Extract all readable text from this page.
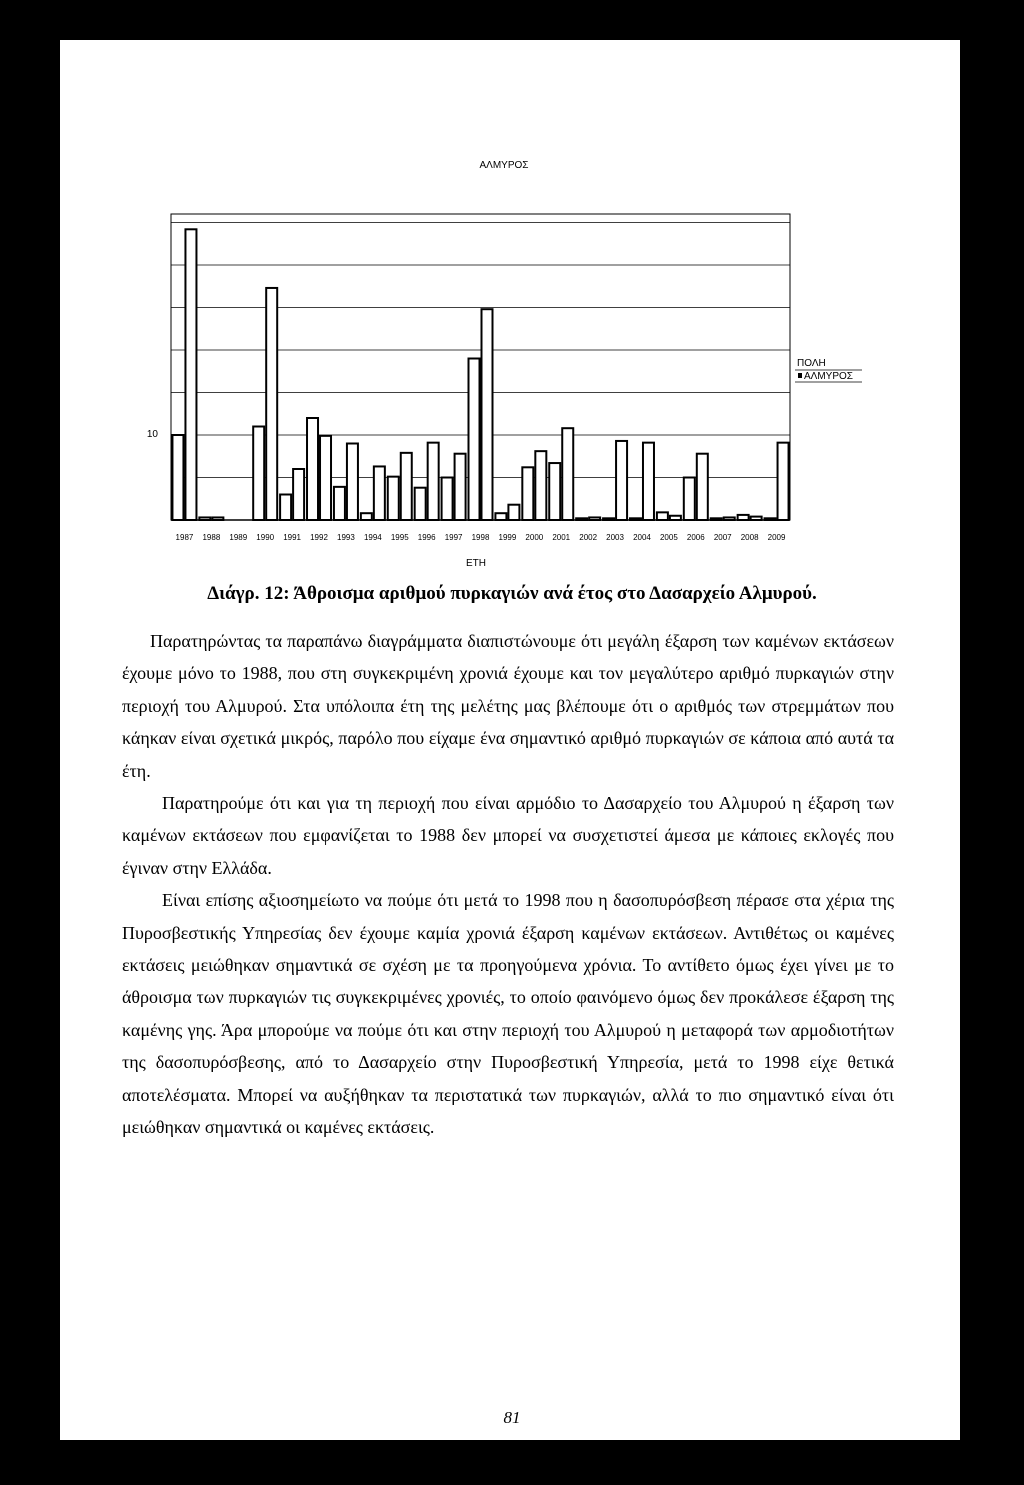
ΑΛΜΥΡΟΣ
10
1987 1988 1989 1990 1991 1992 1993 1994 1995 1996 1997 1998 1999 2000 2001 2002 2003 2004 2005 2006 2007 2008 2009
ΕΤΗ
ΠΟΛΗ
ΑΛΜΥΡΟΣ
Διάγρ. 12: Άθροισμα αριθμού πυρκαγιών ανά έτος στο Δασαρχείο Αλμυρού.

Παρατηρώντας τα παραπάνω διαγράμματα διαπιστώνουμε ότι μεγάλη έξαρση των καμένων εκτάσεων έχουμε μόνο το 1988, που στη συγκεκριμένη χρονιά έχουμε και τον μεγαλύτερο αριθμό πυρκαγιών στην περιοχή του Αλμυρού. Στα υπόλοιπα έτη της μελέτης μας βλέπουμε ότι ο αριθμός των στρεμμάτων που κάηκαν είναι σχετικά μικρός, παρόλο που είχαμε ένα σημαντικό αριθμό πυρκαγιών σε κάποια από αυτά τα έτη.

Παρατηρούμε ότι και για τη περιοχή που είναι αρμόδιο το Δασαρχείο του Αλμυρού η έξαρση των καμένων εκτάσεων που εμφανίζεται το 1988 δεν μπορεί να συσχετιστεί άμεσα με κάποιες εκλογές που έγιναν στην Ελλάδα.

Είναι επίσης αξιοσημείωτο να πούμε ότι μετά το 1998 που η δασοπυρόσβεση πέρασε στα χέρια της Πυροσβεστικής Υπηρεσίας δεν έχουμε καμία χρονιά έξαρση καμένων εκτάσεων. Αντιθέτως οι καμένες εκτάσεις μειώθηκαν σημαντικά σε σχέση με τα προηγούμενα χρόνια. Το αντίθετο όμως έχει γίνει με το άθροισμα των πυρκαγιών τις συγκεκριμένες χρονιές, το οποίο φαινόμενο όμως δεν προκάλεσε έξαρση της καμένης γης. Άρα μπορούμε να πούμε ότι και στην περιοχή του Αλμυρού η μεταφορά των αρμοδιοτήτων της δασοπυρόσβεσης, από το Δασαρχείο στην Πυροσβεστική Υπηρεσία, μετά το 1998 είχε θετικά αποτελέσματα. Μπορεί να αυξήθηκαν τα περιστατικά των πυρκαγιών, αλλά το πιο σημαντικό είναι ότι μειώθηκαν σημαντικά οι καμένες εκτάσεις.

81
